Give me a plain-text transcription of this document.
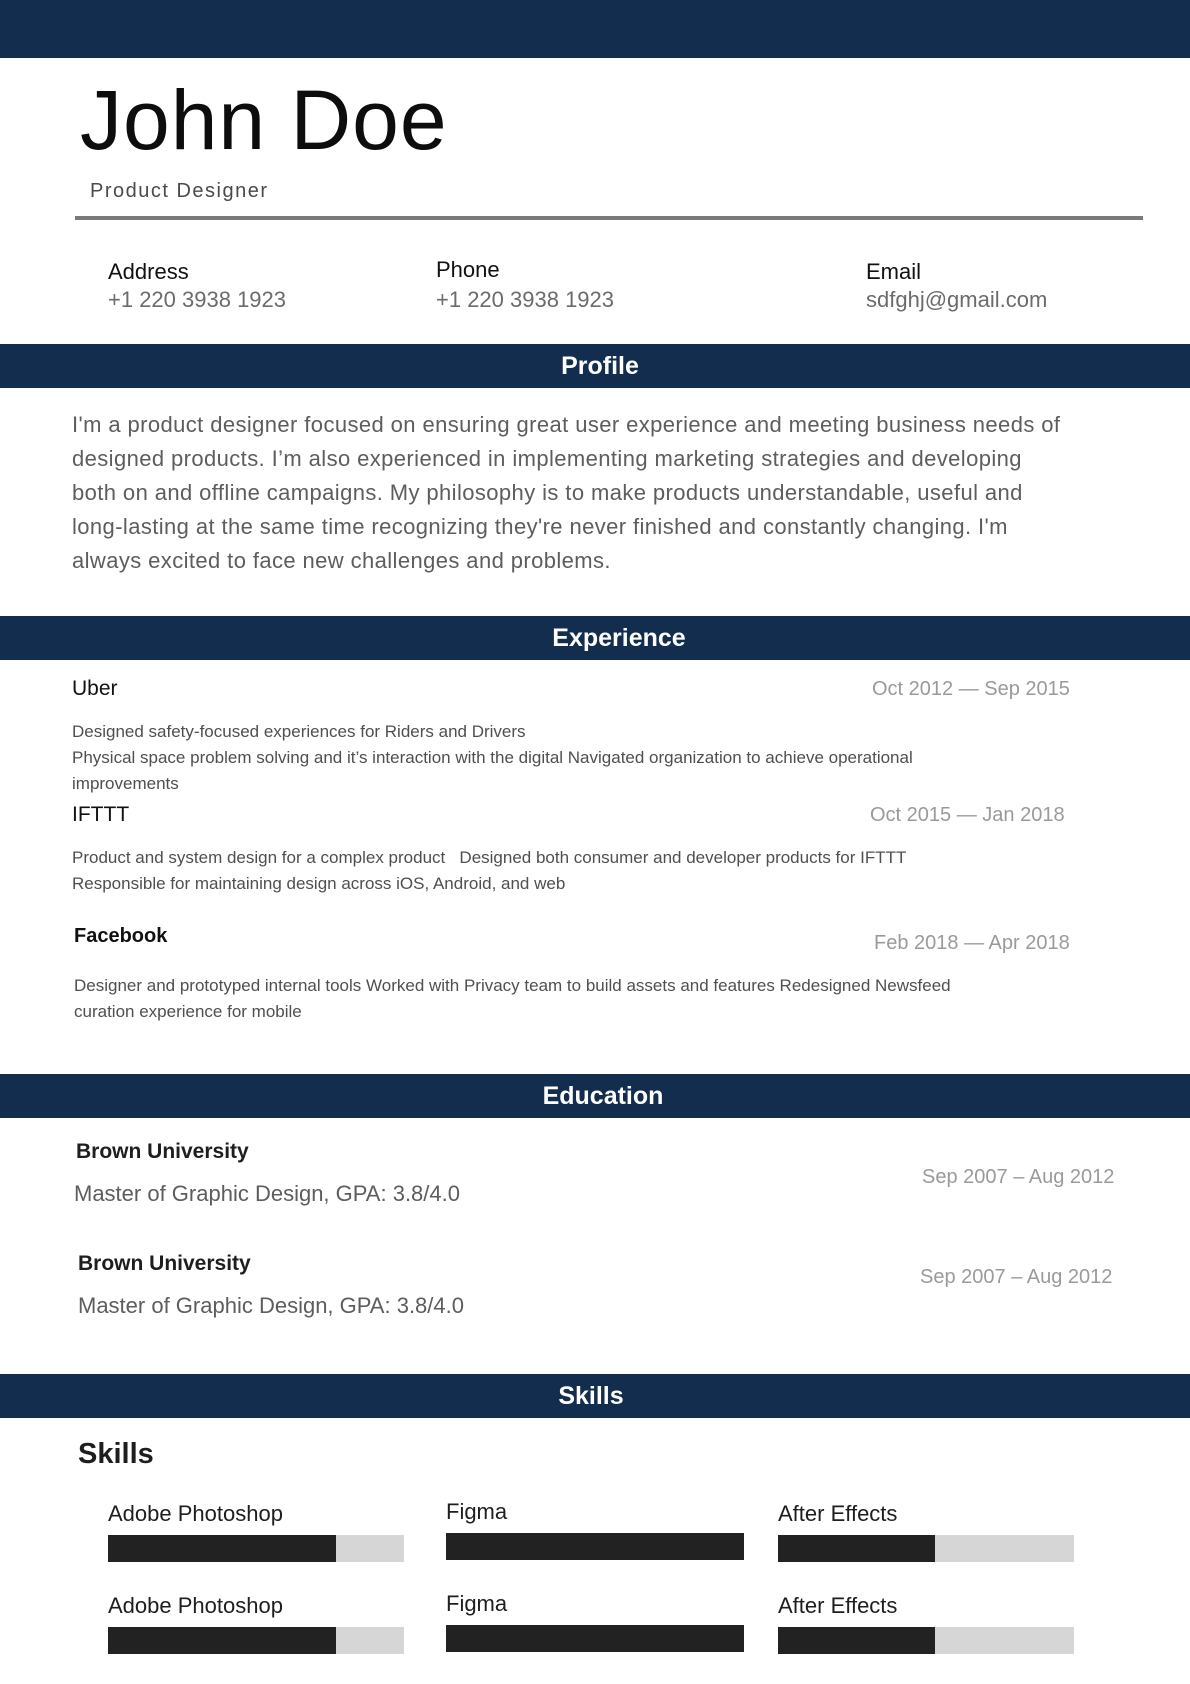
John Doe
Product Designer
Address
+1 220 3938 1923
Phone
+1 220 3938 1923
Email
sdfghj@gmail.com
Profile
I'm a product designer focused on ensuring great user experience and meeting business needs of
designed products. I’m also experienced in implementing marketing strategies and developing
both on and offline campaigns. My philosophy is to make products understandable, useful and
long-lasting at the same time recognizing they're never finished and constantly changing. I'm
always excited to face new challenges and problems.
Experience
Uber	Oct 2012 — Sep 2015
Designed safety-focused experiences for Riders and Drivers
Physical space problem solving and it’s interaction with the digital Navigated organization to achieve operational
improvements
IFTTT	Oct 2015 — Jan 2018
Product and system design for a complex product   Designed both consumer and developer products for IFTTT
Responsible for maintaining design across iOS, Android, and web
Facebook	Feb 2018 — Apr 2018
Designer and prototyped internal tools Worked with Privacy team to build assets and features Redesigned Newsfeed
curation experience for mobile
Education
Brown University
Master of Graphic Design, GPA: 3.8/4.0
Sep 2007 – Aug 2012
Brown University
Master of Graphic Design, GPA: 3.8/4.0
Sep 2007 – Aug 2012
Skills
Skills
Adobe Photoshop	Figma	After Effects
Adobe Photoshop	Figma	After Effects
